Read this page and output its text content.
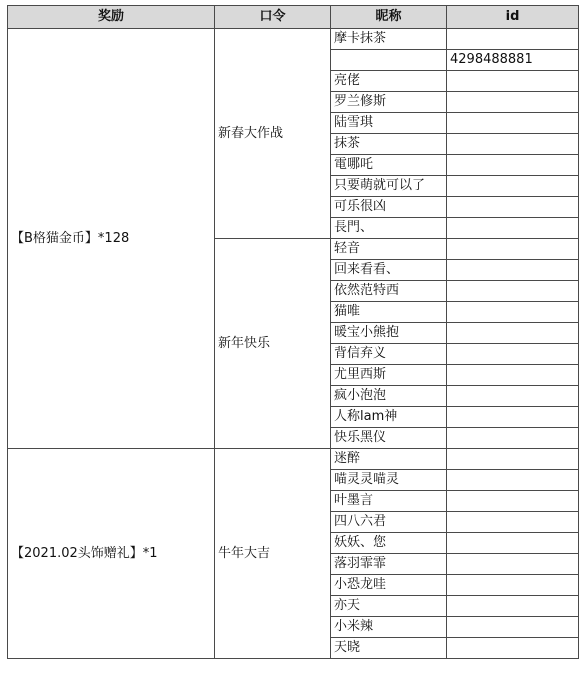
奖励	口令	昵称	id
【B格猫金币】*128	新春大作战	摩卡抹茶	
			4298488881
		亮佬	
		罗兰修斯	
		陆雪琪	
		抹茶	
		電哪吒	
		只要萌就可以了	
		可乐很凶	
		長門、	
	新年快乐	轻音	
		回来看看、	
		依然范特西	
		猫唯	
		暖宝小熊抱	
		背信弃义	
		尤里西斯	
		疯小泡泡	
		人称lam神	
		快乐黑仪	
【2021.02头饰赠礼】*1	牛年大吉	迷醉	
		喵灵灵喵灵	
		叶墨言	
		四八六君	
		妖妖、您	
		落羽霏霏	
		小恐龙哇	
		亦天	
		小米辣	
		天晓	
